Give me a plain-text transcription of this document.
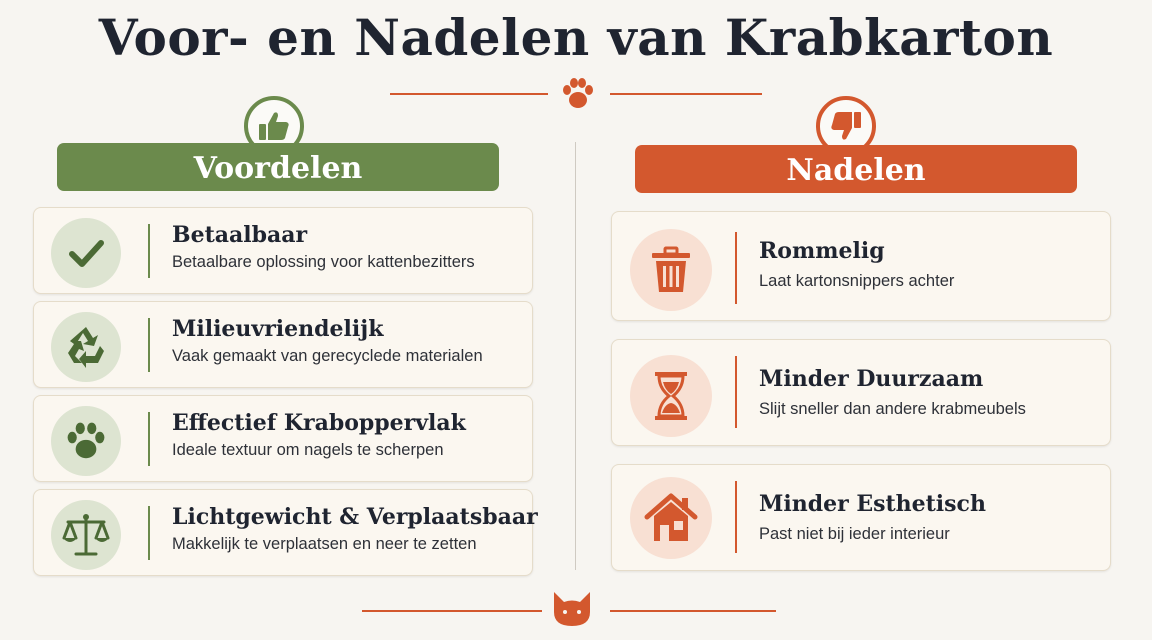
Voor- en Nadelen van Krabkarton
Voordelen
Betaalbaar
Betaalbare oplossing voor kattenbezitters
Milieuvriendelijk
Vaak gemaakt van gerecyclede materialen
Effectief Kraboppervlak
Ideale textuur om nagels te scherpen
Lichtgewicht & Verplaatsbaar
Makkelijk te verplaatsen en neer te zetten
Nadelen
Rommelig
Laat kartonsnippers achter
Minder Duurzaam
Slijt sneller dan andere krabmeubels
Minder Esthetisch
Past niet bij ieder interieur
